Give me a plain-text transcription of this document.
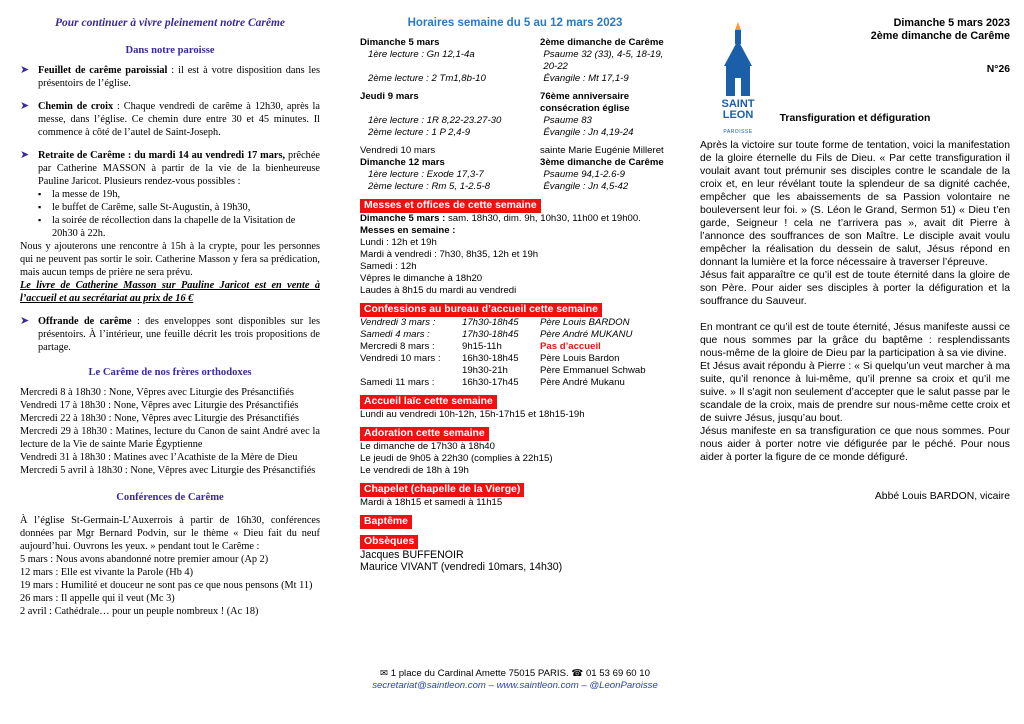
Pour continuer à vivre pleinement notre Carême
Dans notre paroisse
➤ Feuillet de carême paroissial : il est à votre disposition dans les présentoirs de l’église.
➤ Chemin de croix : Chaque vendredi de carême à 12h30, après la messe, dans l’église. Ce chemin dure entre 30 et 45 minutes. Il commence à côté de l’autel de Saint-Joseph.
➤ Retraite de Carême : du mardi 14 au vendredi 17 mars, prêchée par Catherine MASSON à partir de la vie de la bienheureuse Pauline Jaricot. Plusieurs rendez-vous possibles :
▪ la messe de 19h,
▪ le buffet de Carême, salle St-Augustin, à 19h30,
▪ la soirée de récollection dans la chapelle de la Visitation de 20h30 à 22h.
Nous y ajouterons une rencontre à 15h à la crypte, pour les personnes qui ne peuvent pas sortir le soir. Catherine Masson y fera sa prédication, mais aucun temps de prière ne sera prévu.
Le livre de Catherine Masson sur Pauline Jaricot est en vente à l’accueil et au secrétariat au prix de 16 €
➤ Offrande de carême : des enveloppes sont disponibles sur les présentoirs. À l’intérieur, une feuille décrit les trois propositions de partage.
Le Carême de nos frères orthodoxes
Mercredi 8 à 18h30 : None, Vêpres avec Liturgie des Présanctifiés
Vendredi 17 à 18h30 : None, Vêpres avec Liturgie des Présanctifiés
Mercredi 22 à 18h30 : None, Vêpres avec Liturgie des Présanctifiés
Mercredi 29 à 18h30 : Matines, lecture du Canon de saint André avec la lecture de la Vie de sainte Marie Égyptienne
Vendredi 31 à 18h30 : Matines avec l’Acathiste de la Mère de Dieu
Mercredi 5 avril à 18h30 : None, Vêpres avec Liturgie des Présanctifiés
Conférences de Carême
À l’église St-Germain-L’Auxerrois à partir de 16h30, conférences données par Mgr Bernard Podvin, sur le thème « Dieu fait du neuf aujourd’hui. Ouvrons les yeux. » pendant tout le Carême :
5 mars : Nous avons abandonné notre premier amour (Ap 2)
12 mars : Elle est vivante la Parole (Hb 4)
19 mars : Humilité et douceur ne sont pas ce que nous pensons (Mt 11)
26 mars : Il appelle qui il veut (Mc 3)
2 avril : Cathédrale… pour un peuple nombreux ! (Ac 18)
Horaires semaine du 5 au 12 mars 2023
Dimanche 5 mars	2ème dimanche de Carême
1ère lecture : Gn 12,1-4a	Psaume 32 (33), 4-5, 18-19, 20-22
2ème lecture : 2 Tm1,8b-10	Évangile : Mt 17,1-9
Jeudi 9 mars	76ème anniversaire consécration église
1ère lecture : 1R 8,22-23.27-30	Psaume 83
2ème lecture : 1 P 2,4-9	Évangile : Jn 4,19-24
Vendredi 10 mars	sainte Marie Eugénie Milleret
Dimanche 12 mars	3ème dimanche de Carême
1ère lecture : Exode 17,3-7	Psaume 94,1-2.6-9
2ème lecture : Rm 5, 1-2.5-8	Évangile : Jn 4,5-42
Messes et offices de cette semaine
Dimanche 5 mars : sam. 18h30, dim. 9h, 10h30, 11h00 et 19h00.
Messes en semaine :
Lundi : 12h et 19h
Mardi à vendredi : 7h30, 8h35, 12h et 19h
Samedi : 12h
Vêpres le dimanche à 18h20
Laudes à 8h15 du mardi au vendredi
Confessions au bureau d’accueil cette semaine
Vendredi 3 mars :	17h30-18h45	Père Louis BARDON
Samedi 4 mars :	17h30-18h45	Père André MUKANU
Mercredi 8 mars :	9h15-11h	Pas d’accueil
Vendredi 10 mars :	16h30-18h45	Père Louis Bardon
19h30-21h	Père Emmanuel Schwab
Samedi 11 mars :	16h30-17h45	Père André Mukanu
Accueil laïc cette semaine
Lundi au vendredi 10h-12h, 15h-17h15 et 18h15-19h
Adoration cette semaine
Le dimanche de 17h30 à 18h40
Le jeudi de 9h05 à 22h30 (complies à 22h15)
Le vendredi de 18h à 19h
Chapelet (chapelle de la Vierge)
Mardi à 18h15 et samedi à 11h15
Baptême
Obsèques
Jacques BUFFENOIR
Maurice VIVANT (vendredi 10mars, 14h30)
✉ 1 place du Cardinal Amette 75015 PARIS. ☎ 01 53 69 60 10
secretariat@saintleon.com – www.saintleon.com – @LeonParoisse
SAINT
LEON
PAROISSE
Dimanche 5 mars 2023
2ème dimanche de Carême
N°26
Transfiguration et défiguration
Après la victoire sur toute forme de tentation, voici la manifestation de la gloire éternelle du Fils de Dieu. « Par cette transfiguration il voulait avant tout prémunir ses disciples contre le scandale de la croix et, en leur révélant toute la splendeur de sa dignité cachée, empêcher que les abaissements de sa Passion volontaire ne bouleversent leur foi. » (S. Léon le Grand, Sermon 51) « Dieu t’en garde, Seigneur ! cela ne t’arrivera pas », avait dit Pierre à l’annonce des souffrances de son Maître. Le disciple avait voulu empêcher la réalisation du dessein de salut, Jésus répond en donnant la lumière et la force nécessaire à traverser l’épreuve.
Jésus fait apparaître ce qu’il est de toute éternité dans la gloire de son Père. Pour aider ses disciples à porter la défiguration et la souffrance du Sauveur.
En montrant ce qu’il est de toute éternité, Jésus manifeste aussi ce que nous sommes par la grâce du baptême : resplendissants nous-même de la gloire de Dieu par la participation à sa vie divine.
Et Jésus avait répondu à Pierre : « Si quelqu’un veut marcher à ma suite, qu’il renonce à lui-même, qu’il prenne sa croix et qu’il me suive. » Il s’agit non seulement d’accepter que le salut passe par le scandale de la croix, mais de prendre sur nous-même cette croix et de suivre Jésus, jusqu’au bout.
Jésus manifeste en sa transfiguration ce que nous sommes. Pour nous aider à porter notre vie défigurée par le péché. Pour nous aider à porter la figure de ce monde défiguré.
Abbé Louis BARDON, vicaire
